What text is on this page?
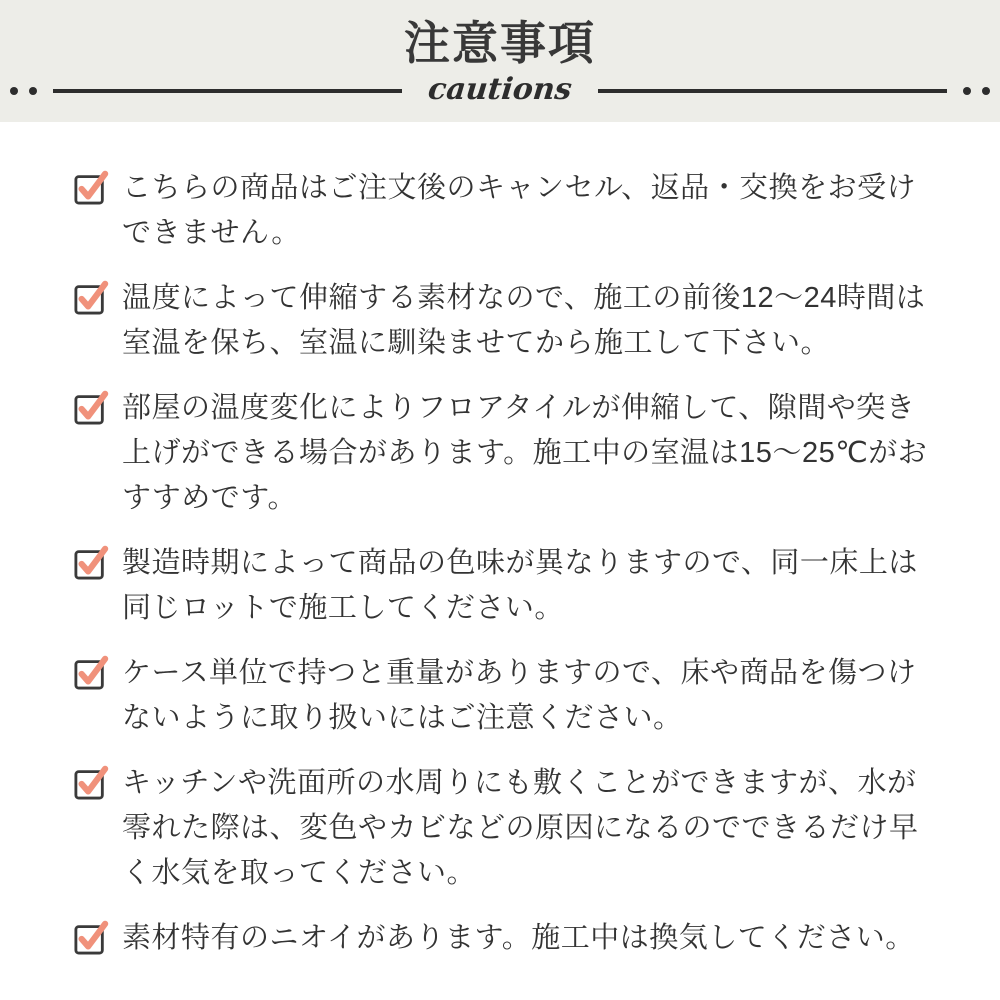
注意事項
cautions

こちらの商品はご注文後のキャンセル、返品・交換をお受けできません。

温度によって伸縮する素材なので、施工の前後12〜24時間は室温を保ち、室温に馴染ませてから施工して下さい。

部屋の温度変化によりフロアタイルが伸縮して、隙間や突き上げができる場合があります。施工中の室温は15〜25℃がおすすめです。

製造時期によって商品の色味が異なりますので、同一床上は同じロットで施工してください。

ケース単位で持つと重量がありますので、床や商品を傷つけないように取り扱いにはご注意ください。

キッチンや洗面所の水周りにも敷くことができますが、水が零れた際は、変色やカビなどの原因になるのでできるだけ早く水気を取ってください。

素材特有のニオイがあります。施工中は換気してください。
